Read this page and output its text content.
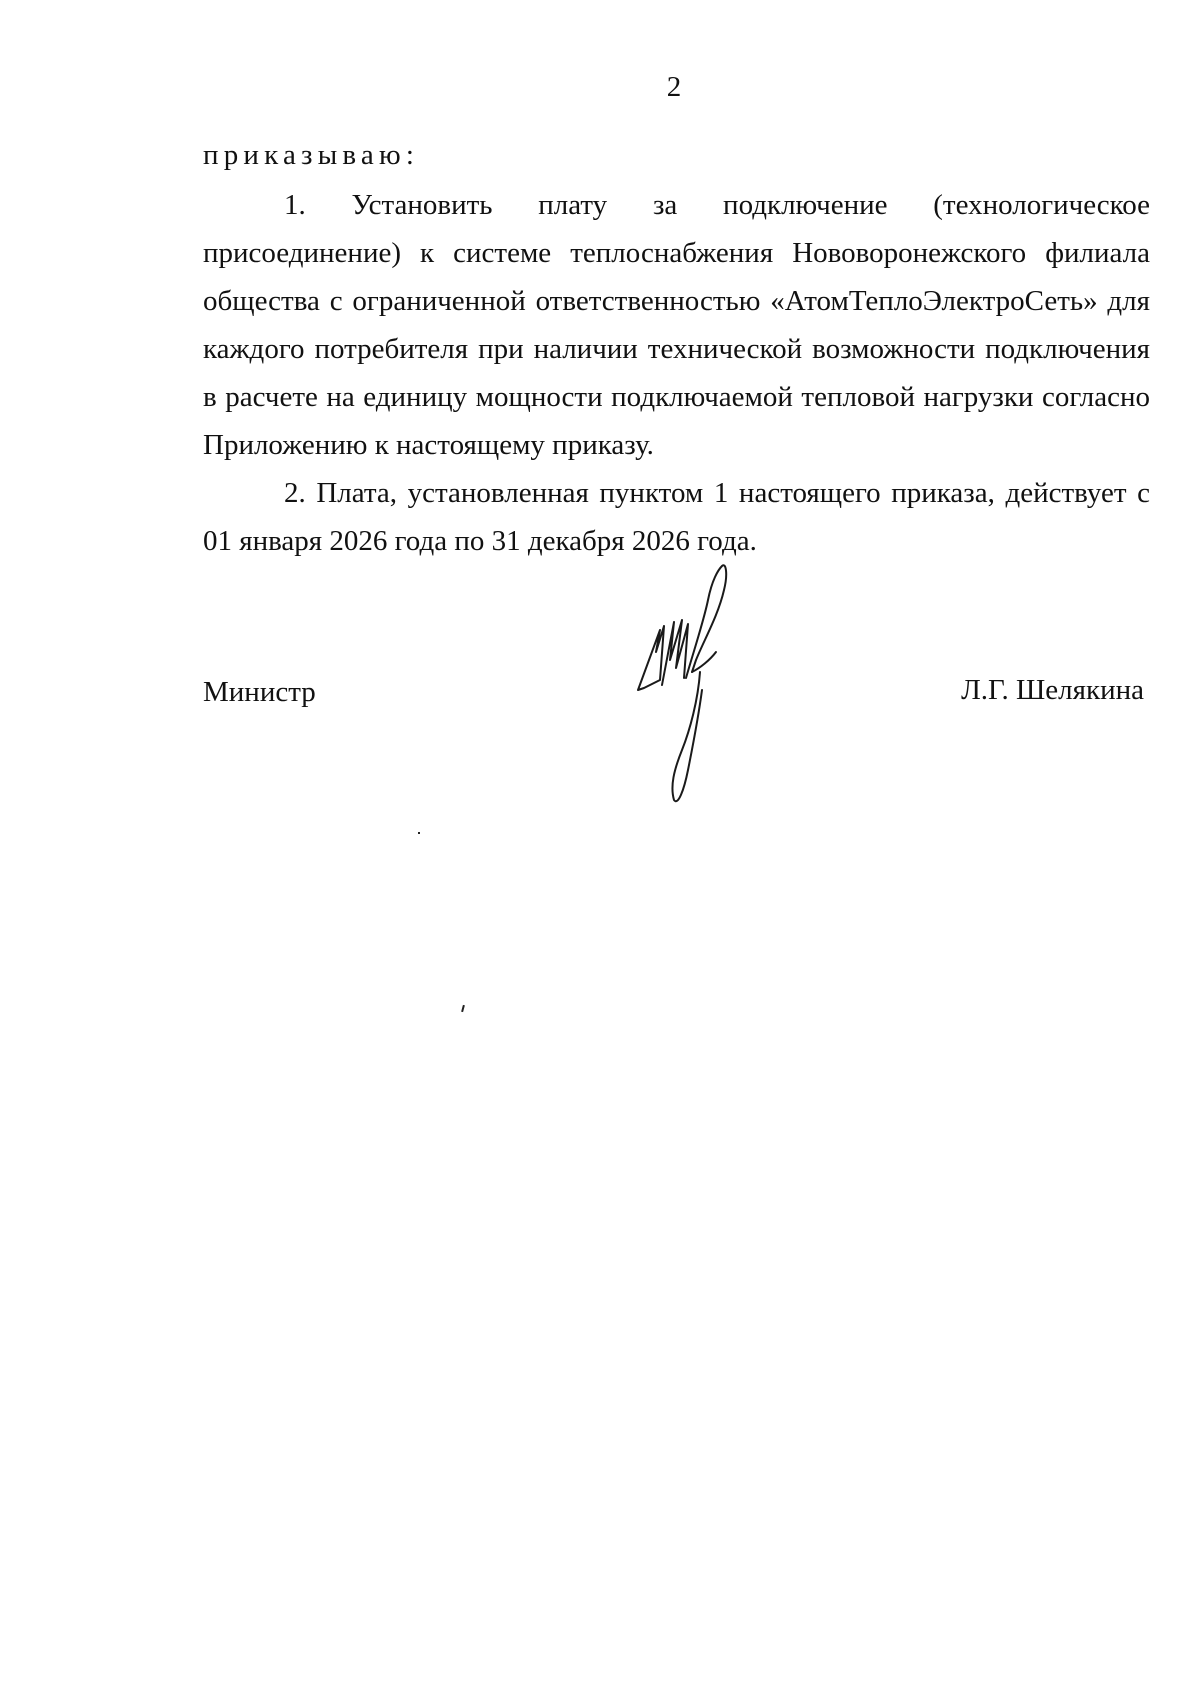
2
приказываю:

1. Установить плату за подключение (технологическое присоединение) к системе теплоснабжения Нововоронежского филиала общества с ограниченной ответственностью «АтомТеплоЭлектроСеть» для каждого потребителя при наличии технической возможности подключения в расчете на единицу мощности подключаемой тепловой нагрузки согласно Приложению к настоящему приказу.

2. Плата, установленная пунктом 1 настоящего приказа, действует с 01 января 2026 года по 31 декабря 2026 года.

Министр	Л.Г. Шелякина
